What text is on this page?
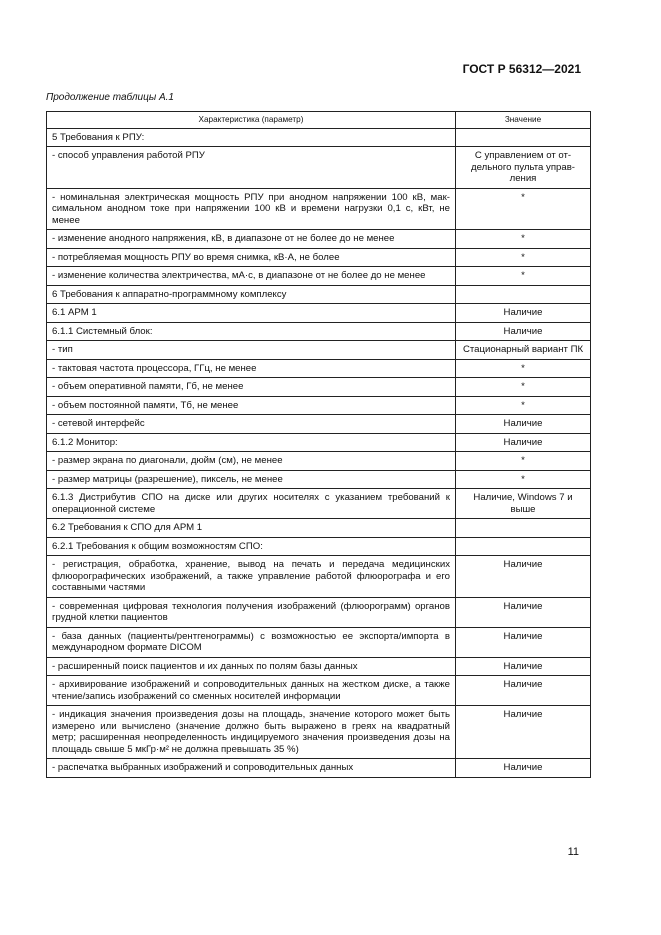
ГОСТ Р 56312—2021
Продолжение таблицы А.1
Характеристика (параметр)	Значение
5 Требования к РПУ:	
- способ управления работой РПУ	С управлением от отдельного пульта управления
- номинальная электрическая мощность РПУ при анодном напряжении 100 кВ, максимальном анодном токе при напряжении 100 кВ и времени нагрузки 0,1 с, кВт, не менее	*
- изменение анодного напряжения, кВ, в диапазоне от не более до не менее	*
- потребляемая мощность РПУ во время снимка, кВ·А, не более	*
- изменение количества электричества, мА·с, в диапазоне от не более до не менее	*
6 Требования к аппаратно-программному комплексу	
6.1 АРМ 1	Наличие
6.1.1 Системный блок:	Наличие
- тип	Стационарный вариант ПК
- тактовая частота процессора, ГГц, не менее	*
- объем оперативной памяти, Гб, не менее	*
- объем постоянной памяти, Тб, не менее	*
- сетевой интерфейс	Наличие
6.1.2 Монитор:	Наличие
- размер экрана по диагонали, дюйм (см), не менее	*
- размер матрицы (разрешение), пиксель, не менее	*
6.1.3 Дистрибутив СПО на диске или других носителях с указанием требований к операционной системе	Наличие, Windows 7 и выше
6.2 Требования к СПО для АРМ 1	
6.2.1 Требования к общим возможностям СПО:	
- регистрация, обработка, хранение, вывод на печать и передача медицинских флюорографических изображений, а также управление работой флюорографа и его составными частями	Наличие
- современная цифровая технология получения изображений (флюорограмм) органов грудной клетки пациентов	Наличие
- база данных (пациенты/рентгенограммы) с возможностью ее экспорта/импорта в международном формате DICOM	Наличие
- расширенный поиск пациентов и их данных по полям базы данных	Наличие
- архивирование изображений и сопроводительных данных на жестком диске, а также чтение/запись изображений со сменных носителей информации	Наличие
- индикация значения произведения дозы на площадь, значение которого может быть измерено или вычислено (значение должно быть выражено в греях на квадратный метр; расширенная неопределенность индицируемого значения произведения дозы на площадь свыше 5 мкГр·м² не должна превышать 35 %)	Наличие
- распечатка выбранных изображений и сопроводительных данных	Наличие
11
